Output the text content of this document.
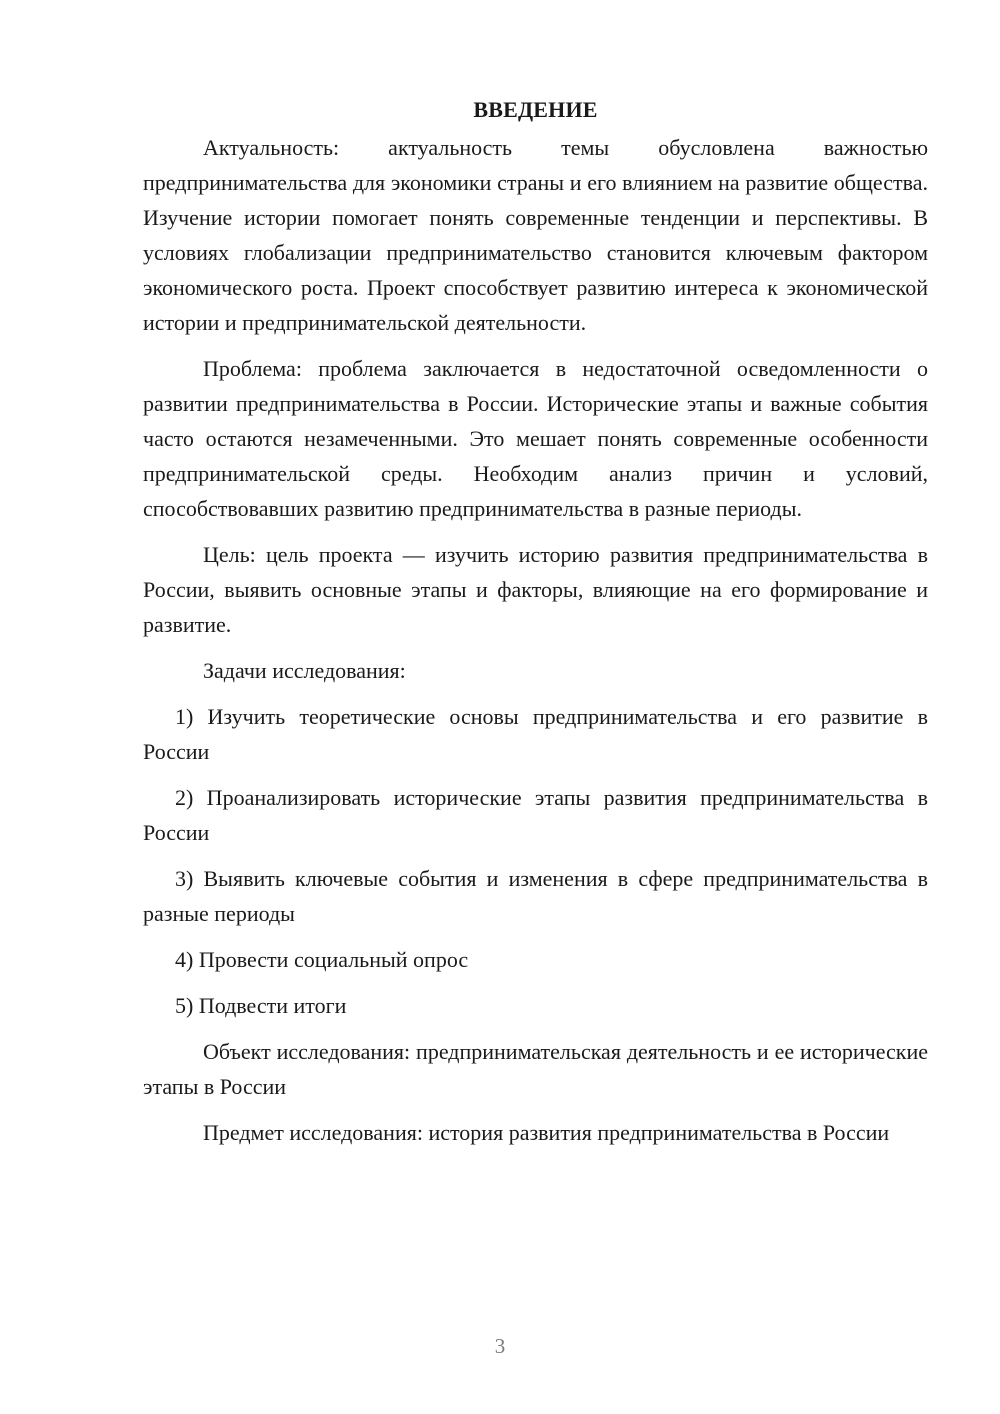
ВВЕДЕНИЕ

Актуальность: актуальность темы обусловлена важностью предпринимательства для экономики страны и его влиянием на развитие общества. Изучение истории помогает понять современные тенденции и перспективы. В условиях глобализации предпринимательство становится ключевым фактором экономического роста. Проект способствует развитию интереса к экономической истории и предпринимательской деятельности.

Проблема: проблема заключается в недостаточной осведомленности о развитии предпринимательства в России. Исторические этапы и важные события часто остаются незамеченными. Это мешает понять современные особенности предпринимательской среды. Необходим анализ причин и условий, способствовавших развитию предпринимательства в разные периоды.

Цель: цель проекта — изучить историю развития предпринимательства в России, выявить основные этапы и факторы, влияющие на его формирование и развитие.

Задачи исследования:

1) Изучить теоретические основы предпринимательства и его развитие в России

2) Проанализировать исторические этапы развития предпринимательства в России

3) Выявить ключевые события и изменения в сфере предпринимательства в разные периоды

4) Провести социальный опрос

5) Подвести итоги

Объект исследования: предпринимательская деятельность и ее исторические этапы в России

Предмет исследования: история развития предпринимательства в России

3
